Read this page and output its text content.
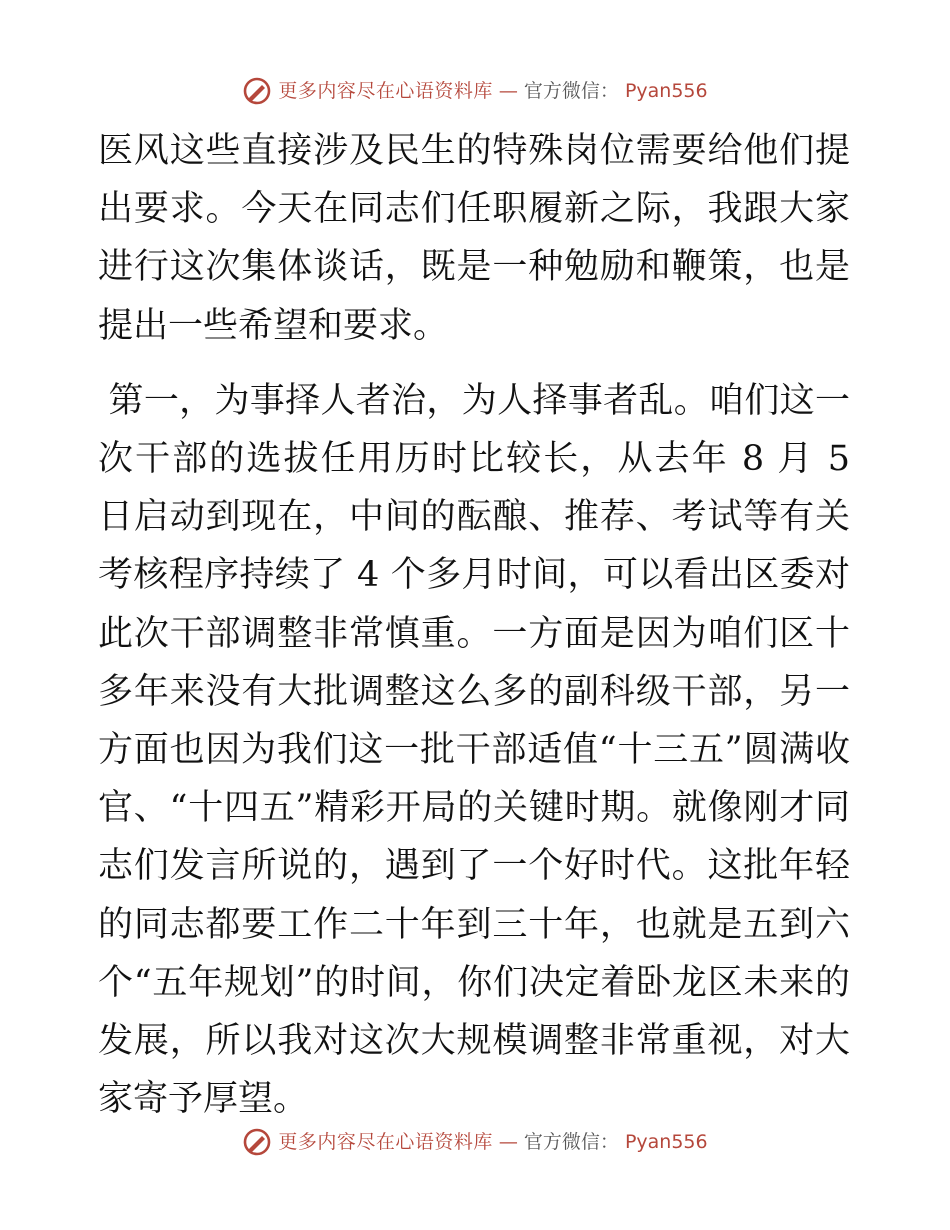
更多内容尽在心语资料库 — 官方微信： Pyan556

医风这些直接涉及民生的特殊岗位需要给他们提出要求。今天在同志们任职履新之际，我跟大家进行这次集体谈话，既是一种勉励和鞭策，也是提出一些希望和要求。

第一，为事择人者治，为人择事者乱。咱们这一次干部的选拔任用历时比较长，从去年 8 月 5 日启动到现在，中间的酝酿、推荐、考试等有关考核程序持续了 4 个多月时间，可以看出区委对此次干部调整非常慎重。一方面是因为咱们区十多年来没有大批调整这么多的副科级干部，另一方面也因为我们这一批干部适值“十三五”圆满收官、“十四五”精彩开局的关键时期。就像刚才同志们发言所说的，遇到了一个好时代。这批年轻的同志都要工作二十年到三十年，也就是五到六个“五年规划”的时间，你们决定着卧龙区未来的发展，所以我对这次大规模调整非常重视，对大家寄予厚望。

更多内容尽在心语资料库 — 官方微信： Pyan556
